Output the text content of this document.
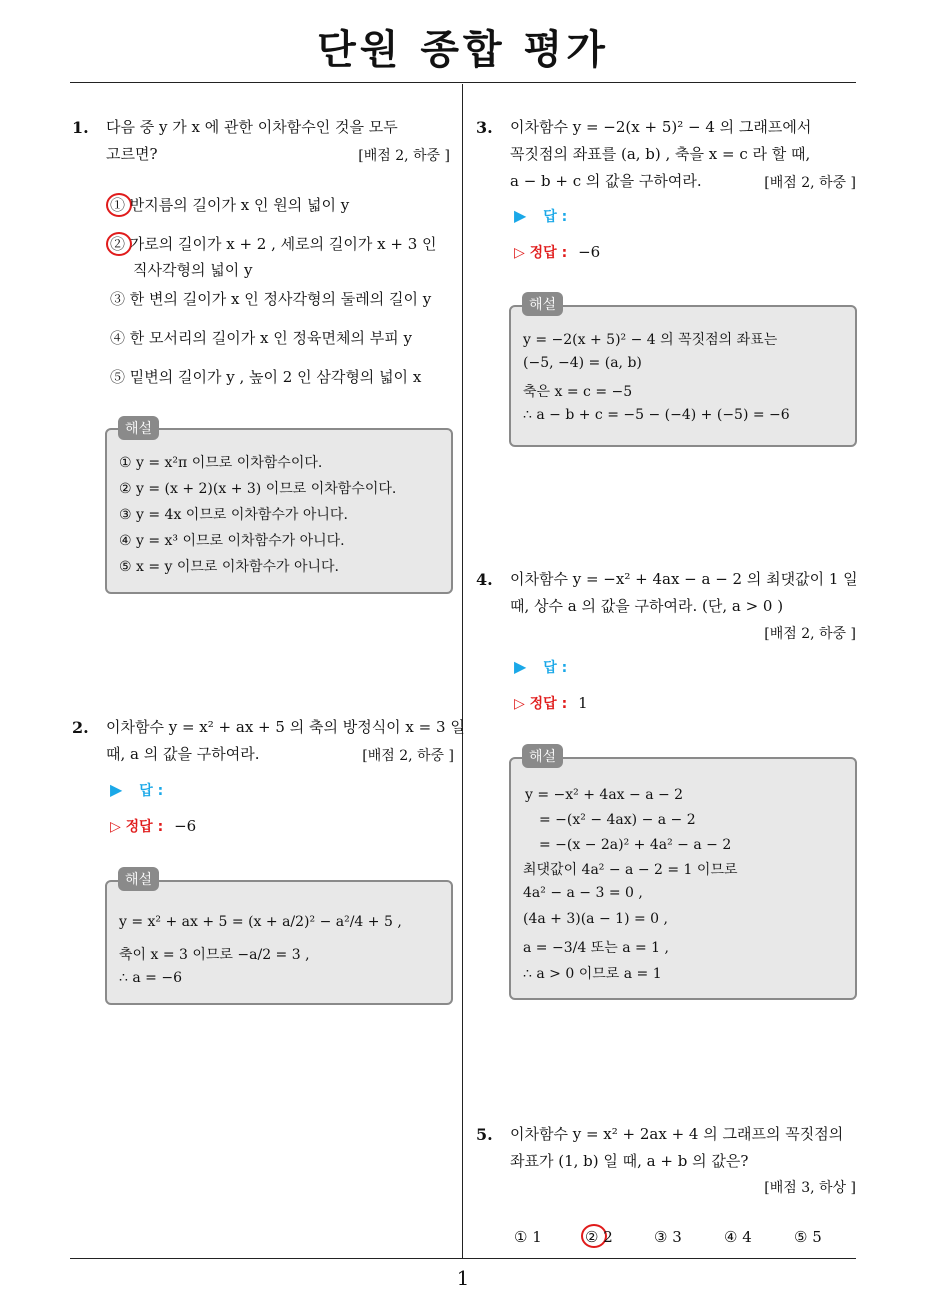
단원 종합 평가
1
1. 다음 중 y 가 x 에 관한 이차함수인 것을 모두
고르면?	[배점 2, 하중 ]
① 반지름의 길이가 x 인 원의 넓이 y
② 가로의 길이가 x + 2 , 세로의 길이가 x + 3 인
직사각형의 넓이 y
③ 한 변의 길이가 x 인 정사각형의 둘레의 길이 y
④ 한 모서리의 길이가 x 인 정육면체의 부피 y
⑤ 밑변의 길이가 y , 높이 2 인 삼각형의 넓이 x
① y = x²π 이므로 이차함수이다.
② y = (x + 2)(x + 3) 이므로 이차함수이다.
③ y = 4x 이므로 이차함수가 아니다.
④ y = x³ 이므로 이차함수가 아니다.
⑤ x = y 이므로 이차함수가 아니다.
해설
2. 이차함수 y = x² + ax + 5 의 축의 방정식이 x = 3 일
때, a 의 값을 구하여라.	[배점 2, 하중 ]
▶ 답 :
▷ 정답 : −6
y = x² + ax + 5 = (x + a/2)² − a²/4 + 5 ,
축이 x = 3 이므로 −a/2 = 3 ,
∴ a = −6
해설
3. 이차함수 y = −2(x + 5)² − 4 의 그래프에서
꼭짓점의 좌표를 (a, b) , 축을 x = c 라 할 때,
a − b + c 의 값을 구하여라.	[배점 2, 하중 ]
▶ 답 :
▷ 정답 : −6
y = −2(x + 5)² − 4 의 꼭짓점의 좌표는
(−5, −4) = (a, b)
축은 x = c = −5
∴ a − b + c = −5 − (−4) + (−5) = −6
해설
4. 이차함수 y = −x² + 4ax − a − 2 의 최댓값이 1 일
때, 상수 a 의 값을 구하여라. (단, a > 0 )
[배점 2, 하중 ]
▶ 답 :
▷ 정답 : 1
y = −x² + 4ax − a − 2
= −(x² − 4ax) − a − 2
= −(x − 2a)² + 4a² − a − 2
최댓값이 4a² − a − 2 = 1 이므로
4a² − a − 3 = 0 ,
(4a + 3)(a − 1) = 0 ,
a = −3/4 또는 a = 1 ,
∴ a > 0 이므로 a = 1
해설
5. 이차함수 y = x² + 2ax + 4 의 그래프의 꼭짓점의
좌표가 (1, b) 일 때, a + b 의 값은?
[배점 3, 하상 ]
① 1	② 2	③ 3	④ 4	⑤ 5
